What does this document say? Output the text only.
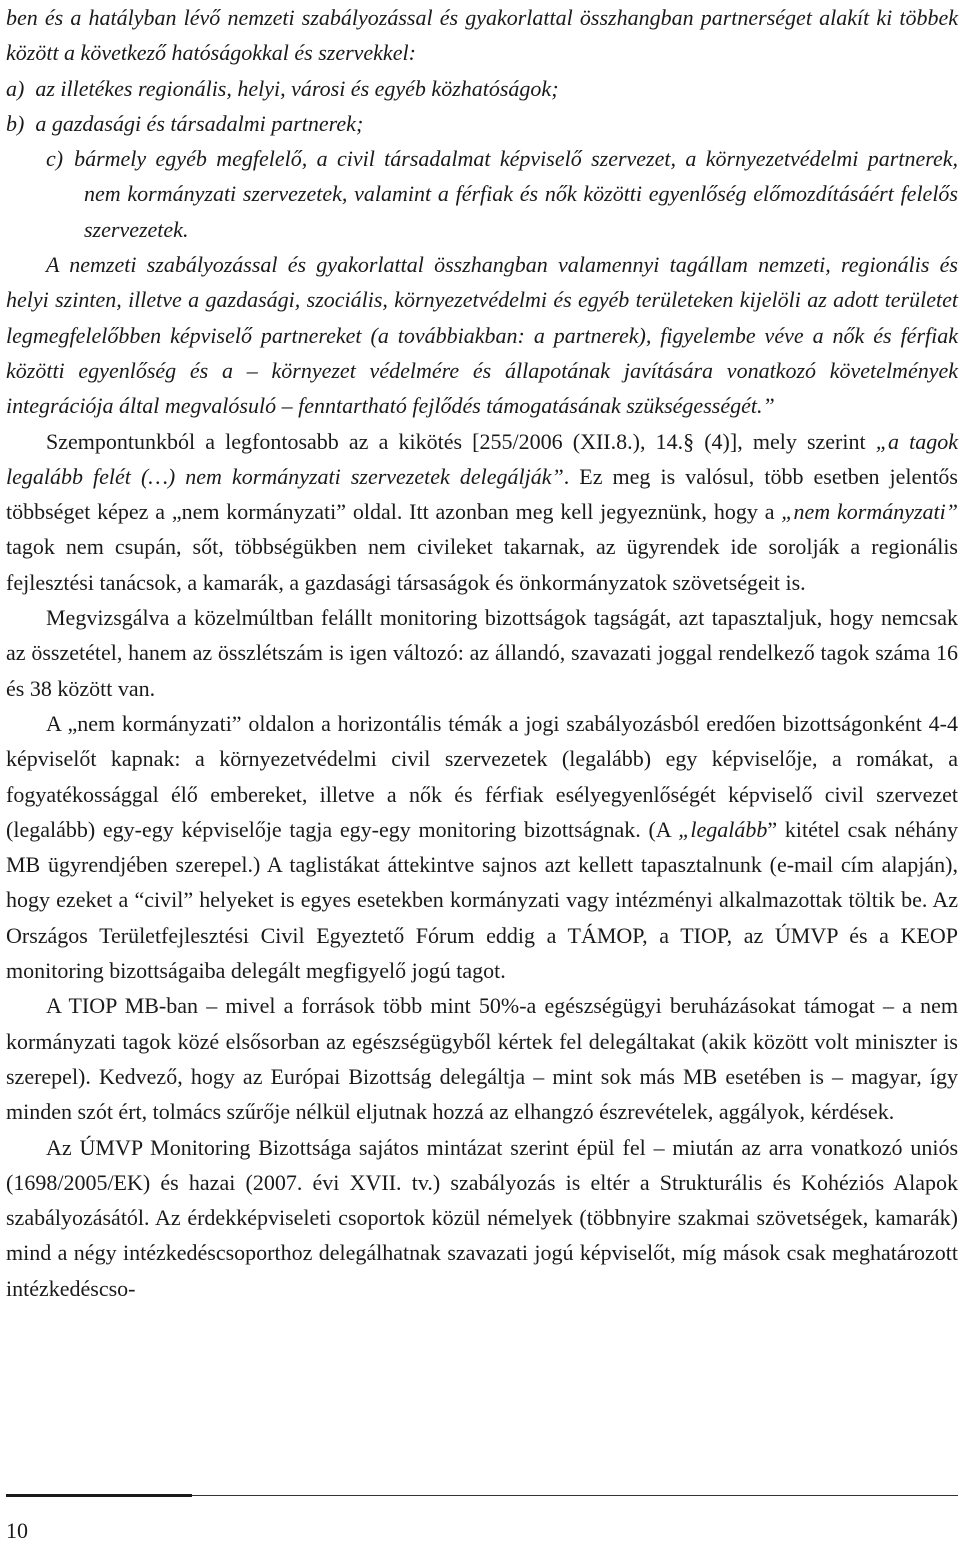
ben és a hatályban lévő nemzeti szabályozással és gyakorlattal összhangban partnerséget alakít ki többek között a következő hatóságokkal és szervekkel:

a) az illetékes regionális, helyi, városi és egyéb közhatóságok;

b) a gazdasági és társadalmi partnerek;

c) bármely egyéb megfelelő, a civil társadalmat képviselő szervezet, a környezetvédelmi partnerek, nem kormányzati szervezetek, valamint a férfiak és nők közötti egyenlőség előmozdításáért felelős szervezetek.

A nemzeti szabályozással és gyakorlattal összhangban valamennyi tagállam nemzeti, regionális és helyi szinten, illetve a gazdasági, szociális, környezetvédelmi és egyéb területeken kijelöli az adott területet legmegfelelőbben képviselő partnereket (a továbbiakban: a partnerek), figyelembe véve a nők és férfiak közötti egyenlőség és a – környezet védelmére és állapotának javítására vonatkozó követelmények integrációja által megvalósuló – fenntartható fejlődés támogatásának szükségességét.”

Szempontunkból a legfontosabb az a kikötés [255/2006 (XII.8.), 14.§ (4)], mely szerint „a tagok legalább felét (…) nem kormányzati szervezetek delegálják”. Ez meg is valósul, több esetben jelentős többséget képez a „nem kormányzati” oldal. Itt azonban meg kell jegyeznünk, hogy a „nem kormányzati” tagok nem csupán, sőt, többségükben nem civileket takarnak, az ügyrendek ide sorolják a regionális fejlesztési tanácsok, a kamarák, a gazdasági társaságok és önkormányzatok szövetségeit is.

Megvizsgálva a közelmúltban felállt monitoring bizottságok tagságát, azt tapasztaljuk, hogy nemcsak az összetétel, hanem az összlétszám is igen változó: az állandó, szavazati joggal rendelkező tagok száma 16 és 38 között van.

A „nem kormányzati” oldalon a horizontális témák a jogi szabályozásból eredően bizottságonként 4-4 képviselőt kapnak: a környezetvédelmi civil szervezetek (legalább) egy képviselője, a romákat, a fogyatékossággal élő embereket, illetve a nők és férfiak esélyegyenlőségét képviselő civil szervezet (legalább) egy-egy képviselője tagja egy-egy monitoring bizottságnak. (A „legalább” kitétel csak néhány MB ügyrendjében szerepel.) A taglistákat áttekintve sajnos azt kellett tapasztalnunk (e-mail cím alapján), hogy ezeket a “civil” helyeket is egyes esetekben kormányzati vagy intézményi alkalmazottak töltik be. Az Országos Területfejlesztési Civil Egyeztető Fórum eddig a TÁMOP, a TIOP, az ÚMVP és a KEOP monitoring bizottságaiba delegált megfigyelő jogú tagot.

A TIOP MB-ban – mivel a források több mint 50%-a egészségügyi beruházásokat támogat – a nem kormányzati tagok közé elsősorban az egészségügyből kértek fel delegáltakat (akik között volt miniszter is szerepel). Kedvező, hogy az Európai Bizottság delegáltja – mint sok más MB esetében is – magyar, így minden szót ért, tolmács szűrője nélkül eljutnak hozzá az elhangzó észrevételek, aggályok, kérdések.

Az ÚMVP Monitoring Bizottsága sajátos mintázat szerint épül fel – miután az arra vonatkozó uniós (1698/2005/EK) és hazai (2007. évi XVII. tv.) szabályozás is eltér a Strukturális és Kohéziós Alapok szabályozásától. Az érdekképviseleti csoportok közül némelyek (többnyire szakmai szövetségek, kamarák) mind a négy intézkedéscsoporthoz delegálhatnak szavazati jogú képviselőt, míg mások csak meghatározott intézkedéscso-

10
